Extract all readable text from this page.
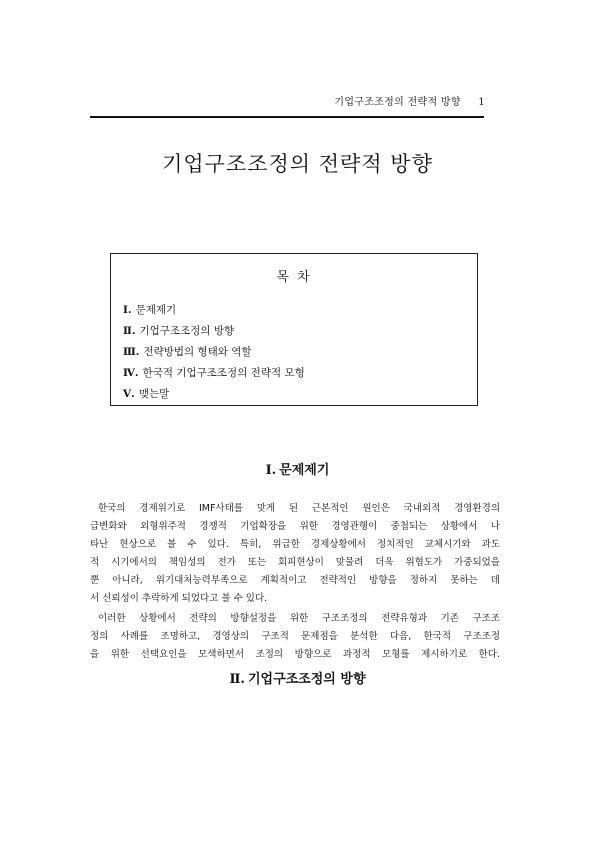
기업구조조정의 전략적 방향 1
기업구조조정의 전략적 방향
목 차
Ⅰ. 문제제기
Ⅱ. 기업구조조정의 방향
Ⅲ. 전략방법의 형태와 역할
Ⅳ. 한국적 기업구조조정의 전략적 모형
Ⅴ. 맺는말
Ⅰ. 문제제기
한국의 경제위기로 IMF사태를 맞게 된 근본적인 원인은 국내외적 경영환경의
급변화와 외형위주적 경쟁적 기업확장을 위한 경영관행이 중첩되는 상황에서 나
타난 현상으로 볼 수 있다. 특히, 위급한 경제상황에서 정치적인 교체시기와 과도
적 시기에서의 책임성의 전가 또는 회피현상이 맞물려 더욱 위협도가 가중되었을
뿐 아니라, 위기대처능력부족으로 계획적이고 전략적인 방향을 정하지 못하는 데
서 신뢰성이 추락하게 되었다고 볼 수 있다.
이러한 상황에서 전략의 방향설정을 위한 구조조정의 전략유형과 기존 구조조
정의 사례를 조명하고, 경영상의 구조적 문제점을 분석한 다음, 한국적 구조조정
을 위한 선택요인을 모색하면서 조정의 방향으로 과정적 모형를 제시하기로 한다.
Ⅱ. 기업구조조정의 방향
